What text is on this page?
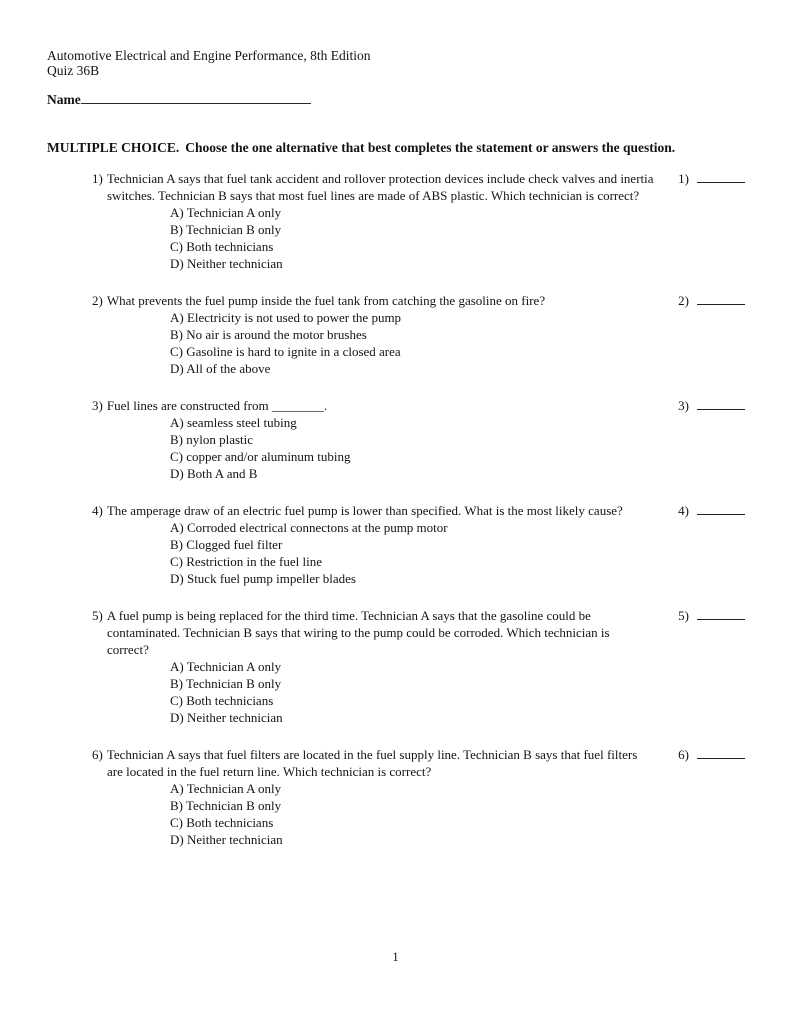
Automotive Electrical and Engine Performance, 8th Edition
Quiz 36B
Name
MULTIPLE CHOICE. Choose the one alternative that best completes the statement or answers the question.
1) Technician A says that fuel tank accident and rollover protection devices include check valves and inertia switches. Technician B says that most fuel lines are made of ABS plastic. Which technician is correct?
A) Technician A only
B) Technician B only
C) Both technicians
D) Neither technician
1)
2) What prevents the fuel pump inside the fuel tank from catching the gasoline on fire?
A) Electricity is not used to power the pump
B) No air is around the motor brushes
C) Gasoline is hard to ignite in a closed area
D) All of the above
2)
3) Fuel lines are constructed from ________.
A) seamless steel tubing
B) nylon plastic
C) copper and/or aluminum tubing
D) Both A and B
3)
4) The amperage draw of an electric fuel pump is lower than specified. What is the most likely cause?
A) Corroded electrical connectons at the pump motor
B) Clogged fuel filter
C) Restriction in the fuel line
D) Stuck fuel pump impeller blades
4)
5) A fuel pump is being replaced for the third time. Technician A says that the gasoline could be contaminated. Technician B says that wiring to the pump could be corroded. Which technician is correct?
A) Technician A only
B) Technician B only
C) Both technicians
D) Neither technician
5)
6) Technician A says that fuel filters are located in the fuel supply line. Technician B says that fuel filters are located in the fuel return line. Which technician is correct?
A) Technician A only
B) Technician B only
C) Both technicians
D) Neither technician
6)
1
